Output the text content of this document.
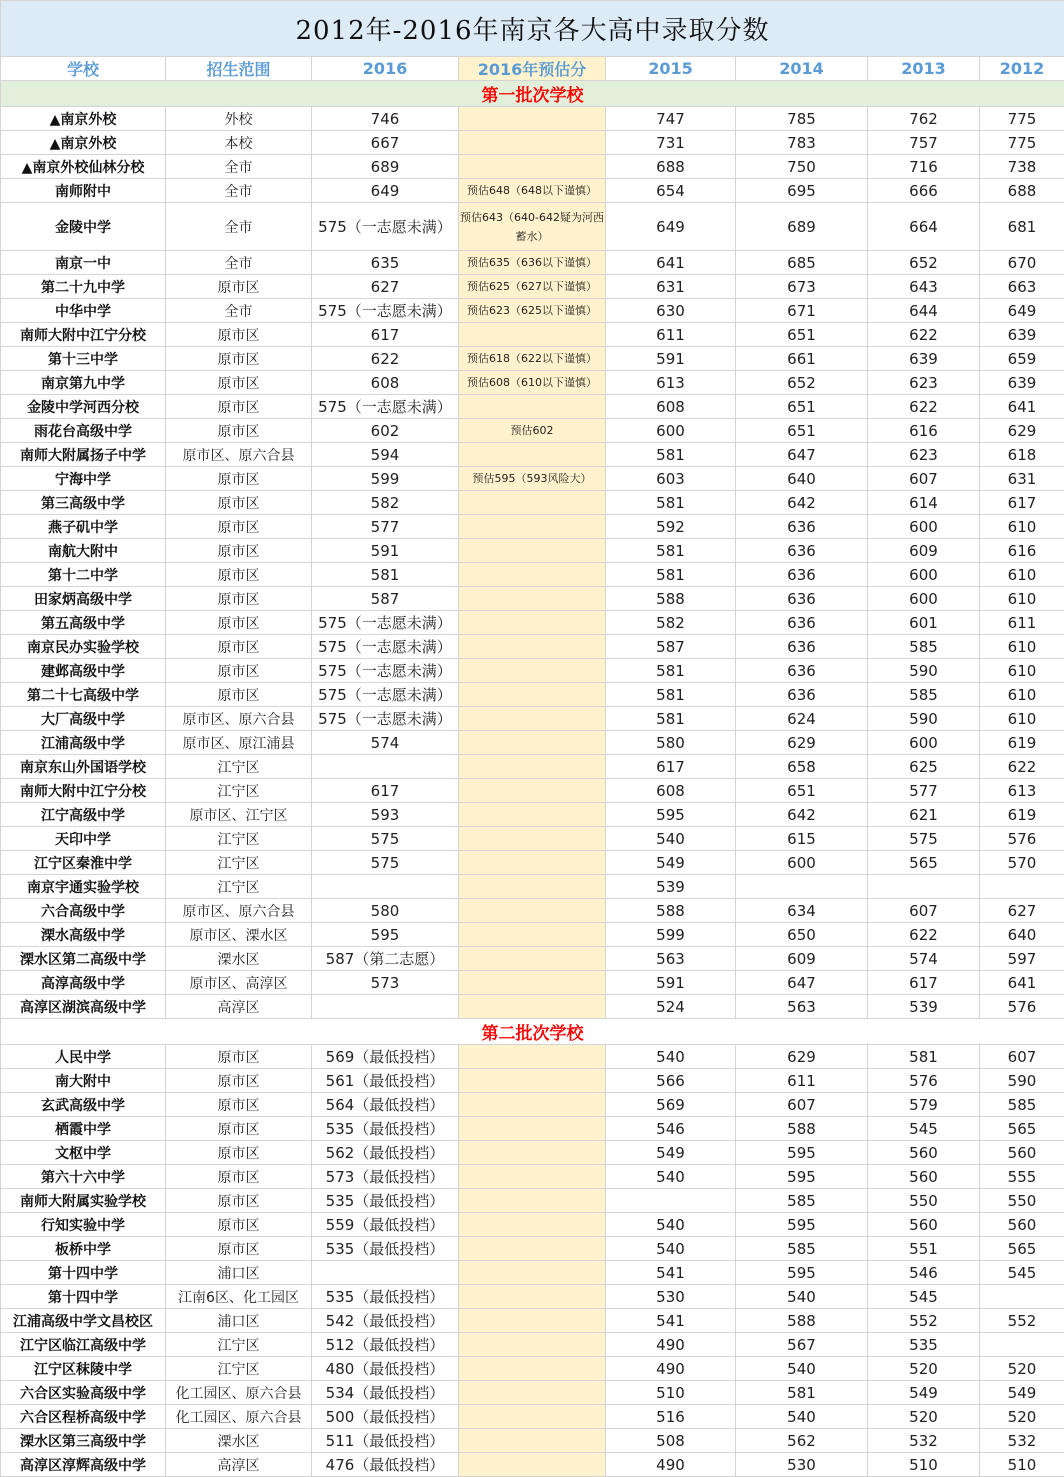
2012年-2016年南京各大高中录取分数							
学校	招生范围	2016	2016年预估分	2015	2014	2013	2012
第一批次学校							
▲南京外校	外校	746		747	785	762	775
▲南京外校	本校	667		731	783	757	775
▲南京外校仙林分校	全市	689		688	750	716	738
南师附中	全市	649	预估648（648以下谨慎）	654	695	666	688
金陵中学	全市	575（一志愿未满）	预估643（640-642疑为河西蓄水）	649	689	664	681
南京一中	全市	635	预估635（636以下谨慎）	641	685	652	670
第二十九中学	原市区	627	预估625（627以下谨慎）	631	673	643	663
中华中学	全市	575（一志愿未满）	预估623（625以下谨慎）	630	671	644	649
南师大附中江宁分校	原市区	617		611	651	622	639
第十三中学	原市区	622	预估618（622以下谨慎）	591	661	639	659
南京第九中学	原市区	608	预估608（610以下谨慎）	613	652	623	639
金陵中学河西分校	原市区	575（一志愿未满）		608	651	622	641
雨花台高级中学	原市区	602	预估602	600	651	616	629
南师大附属扬子中学	原市区、原六合县	594		581	647	623	618
宁海中学	原市区	599	预估595（593风险大）	603	640	607	631
第三高级中学	原市区	582		581	642	614	617
燕子矶中学	原市区	577		592	636	600	610
南航大附中	原市区	591		581	636	609	616
第十二中学	原市区	581		581	636	600	610
田家炳高级中学	原市区	587		588	636	600	610
第五高级中学	原市区	575（一志愿未满）		582	636	601	611
南京民办实验学校	原市区	575（一志愿未满）		587	636	585	610
建邺高级中学	原市区	575（一志愿未满）		581	636	590	610
第二十七高级中学	原市区	575（一志愿未满）		581	636	585	610
大厂高级中学	原市区、原六合县	575（一志愿未满）		581	624	590	610
江浦高级中学	原市区、原江浦县	574		580	629	600	619
南京东山外国语学校	江宁区			617	658	625	622
南师大附中江宁分校	江宁区	617		608	651	577	613
江宁高级中学	原市区、江宁区	593		595	642	621	619
天印中学	江宁区	575		540	615	575	576
江宁区秦淮中学	江宁区	575		549	600	565	570
南京宇通实验学校	江宁区			539			
六合高级中学	原市区、原六合县	580		588	634	607	627
溧水高级中学	原市区、溧水区	595		599	650	622	640
溧水区第二高级中学	溧水区	587（第二志愿）		563	609	574	597
高淳高级中学	原市区、高淳区	573		591	647	617	641
高淳区湖滨高级中学	高淳区			524	563	539	576
第二批次学校							
人民中学	原市区	569（最低投档）		540	629	581	607
南大附中	原市区	561（最低投档）		566	611	576	590
玄武高级中学	原市区	564（最低投档）		569	607	579	585
栖霞中学	原市区	535（最低投档）		546	588	545	565
文枢中学	原市区	562（最低投档）		549	595	560	560
第六十六中学	原市区	573（最低投档）		540	595	560	555
南师大附属实验学校	原市区	535（最低投档）			585	550	550
行知实验中学	原市区	559（最低投档）		540	595	560	560
板桥中学	原市区	535（最低投档）		540	585	551	565
第十四中学	浦口区			541	595	546	545
第十四中学	江南6区、化工园区	535（最低投档）		530	540	545	
江浦高级中学文昌校区	浦口区	542（最低投档）		541	588	552	552
江宁区临江高级中学	江宁区	512（最低投档）		490	567	535	
江宁区秣陵中学	江宁区	480（最低投档）		490	540	520	520
六合区实验高级中学	化工园区、原六合县	534（最低投档）		510	581	549	549
六合区程桥高级中学	化工园区、原六合县	500（最低投档）		516	540	520	520
溧水区第三高级中学	溧水区	511（最低投档）		508	562	532	532
高淳区淳辉高级中学	高淳区	476（最低投档）		490	530	510	510
